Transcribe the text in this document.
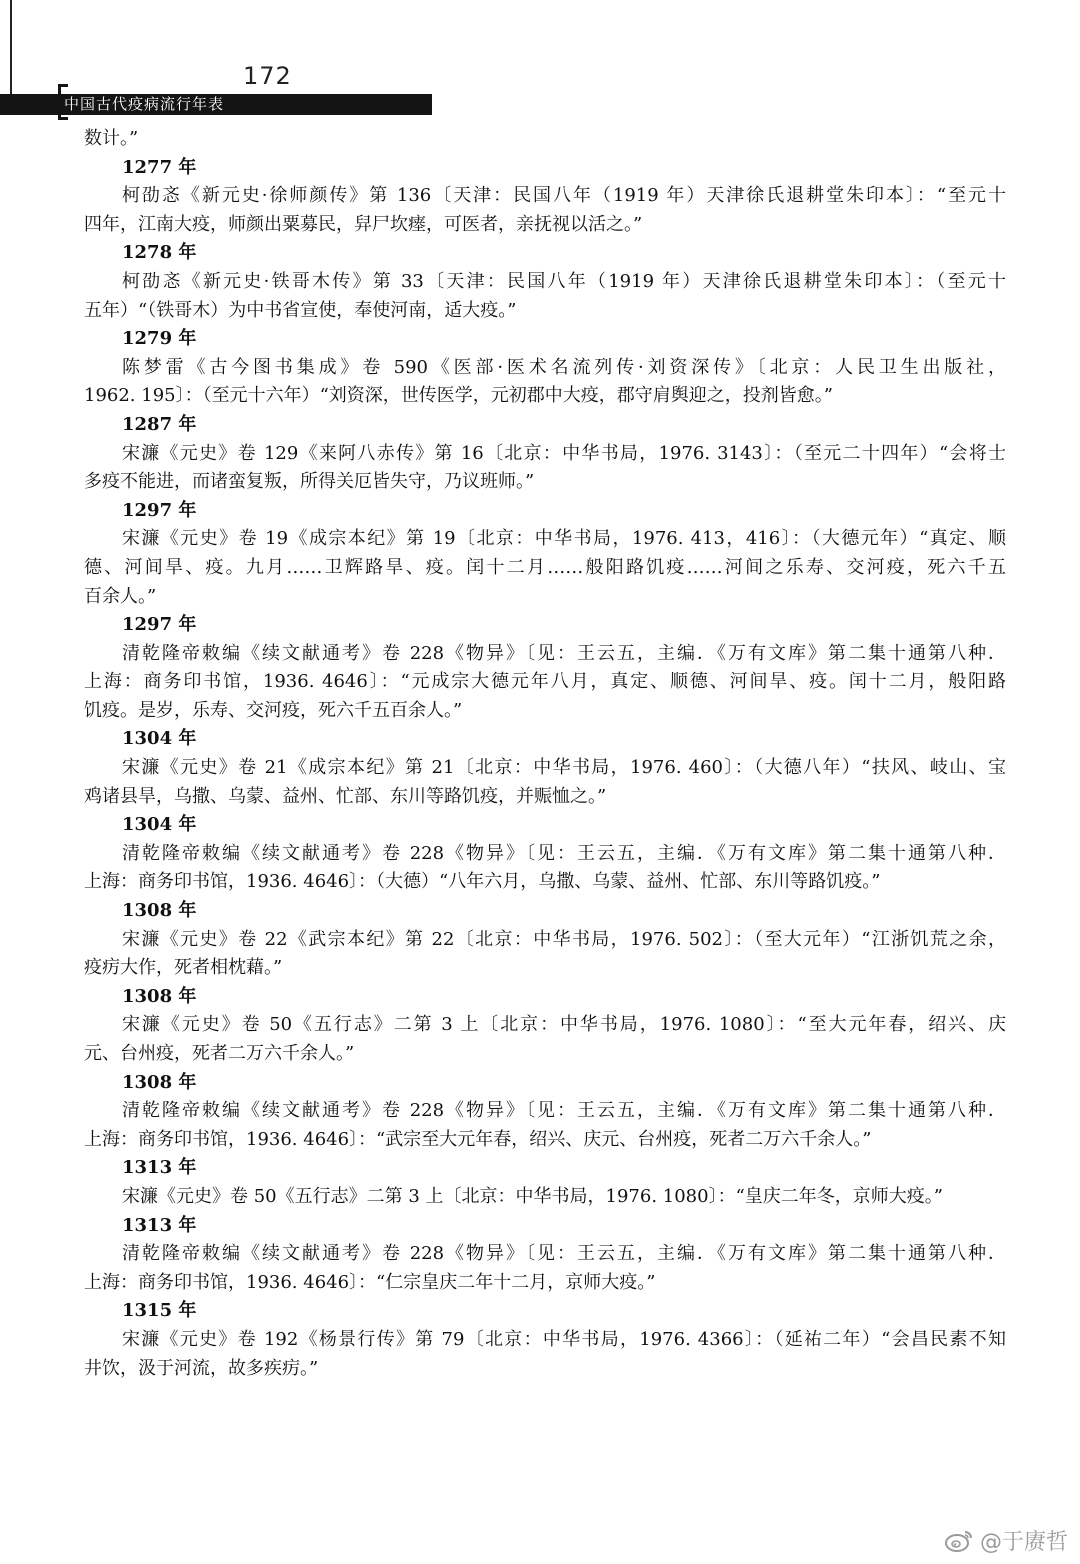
172
中国古代疫病流行年表
数计。”
1277 年
柯劭忞《新元史·徐师颜传》第 136〔天津：民国八年（1919 年）天津徐氏退耕堂朱印本〕：“至元十
四年，江南大疫，师颜出粟募民，舁尸坎瘗，可医者，亲抚视以活之。”
1278 年
柯劭忞《新元史·铁哥木传》第 33〔天津：民国八年（1919 年）天津徐氏退耕堂朱印本〕：（至元十
五年）“（铁哥木）为中书省宣使，奉使河南，适大疫。”
1279 年
陈梦雷《古今图书集成》卷 590《医部·医术名流列传·刘资深传》〔北京：人民卫生出版社，
1962. 195〕：（至元十六年）“刘资深，世传医学，元初郡中大疫，郡守肩舆迎之，投剂皆愈。”
1287 年
宋濂《元史》卷 129《来阿八赤传》第 16〔北京：中华书局，1976. 3143〕：（至元二十四年）“会将士
多疫不能进，而诸蛮复叛，所得关厄皆失守，乃议班师。”
1297 年
宋濂《元史》卷 19《成宗本纪》第 19〔北京：中华书局，1976. 413，416〕：（大德元年）“真定、顺
德、河间旱、疫。九月……卫辉路旱、疫。闰十二月……般阳路饥疫……河间之乐寿、交河疫，死六千五
百余人。”
1297 年
清乾隆帝敕编《续文献通考》卷 228《物异》〔见：王云五，主编．《万有文库》第二集十通第八种．
上海：商务印书馆，1936. 4646〕：“元成宗大德元年八月，真定、顺德、河间旱、疫。闰十二月，般阳路
饥疫。是岁，乐寿、交河疫，死六千五百余人。”
1304 年
宋濂《元史》卷 21《成宗本纪》第 21〔北京：中华书局，1976. 460〕：（大德八年）“扶风、岐山、宝
鸡诸县旱，乌撒、乌蒙、益州、忙部、东川等路饥疫，并赈恤之。”
1304 年
清乾隆帝敕编《续文献通考》卷 228《物异》〔见：王云五，主编．《万有文库》第二集十通第八种．
上海：商务印书馆，1936. 4646〕：（大德）“八年六月，乌撒、乌蒙、益州、忙部、东川等路饥疫。”
1308 年
宋濂《元史》卷 22《武宗本纪》第 22〔北京：中华书局，1976. 502〕：（至大元年）“江浙饥荒之余，
疫疠大作，死者相枕藉。”
1308 年
宋濂《元史》卷 50《五行志》二第 3 上〔北京：中华书局，1976. 1080〕：“至大元年春，绍兴、庆
元、台州疫，死者二万六千余人。”
1308 年
清乾隆帝敕编《续文献通考》卷 228《物异》〔见：王云五，主编．《万有文库》第二集十通第八种．
上海：商务印书馆，1936. 4646〕：“武宗至大元年春，绍兴、庆元、台州疫，死者二万六千余人。”
1313 年
宋濂《元史》卷 50《五行志》二第 3 上〔北京：中华书局，1976. 1080〕：“皇庆二年冬，京师大疫。”
1313 年
清乾隆帝敕编《续文献通考》卷 228《物异》〔见：王云五，主编．《万有文库》第二集十通第八种．
上海：商务印书馆，1936. 4646〕：“仁宗皇庆二年十二月，京师大疫。”
1315 年
宋濂《元史》卷 192《杨景行传》第 79〔北京：中华书局，1976. 4366〕：（延祐二年）“会昌民素不知
井饮，汲于河流，故多疾疠。”
@于赓哲
